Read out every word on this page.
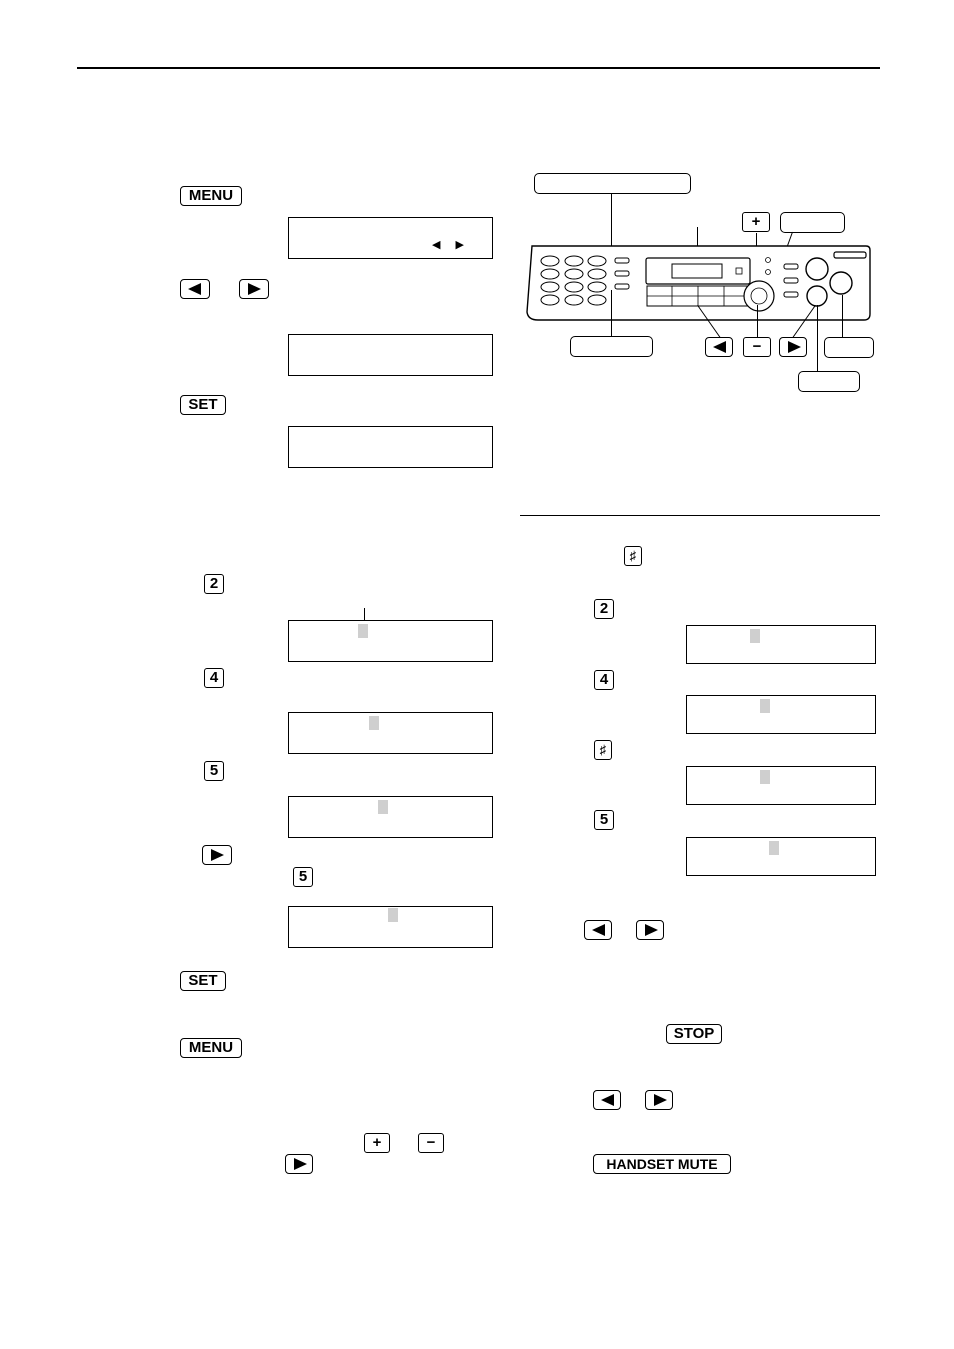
MENU
◀ ▶
SET
2
4
5
5
SET
MENU
+	−
+
−
♯
2
4
♯
5
STOP
HANDSET MUTE
